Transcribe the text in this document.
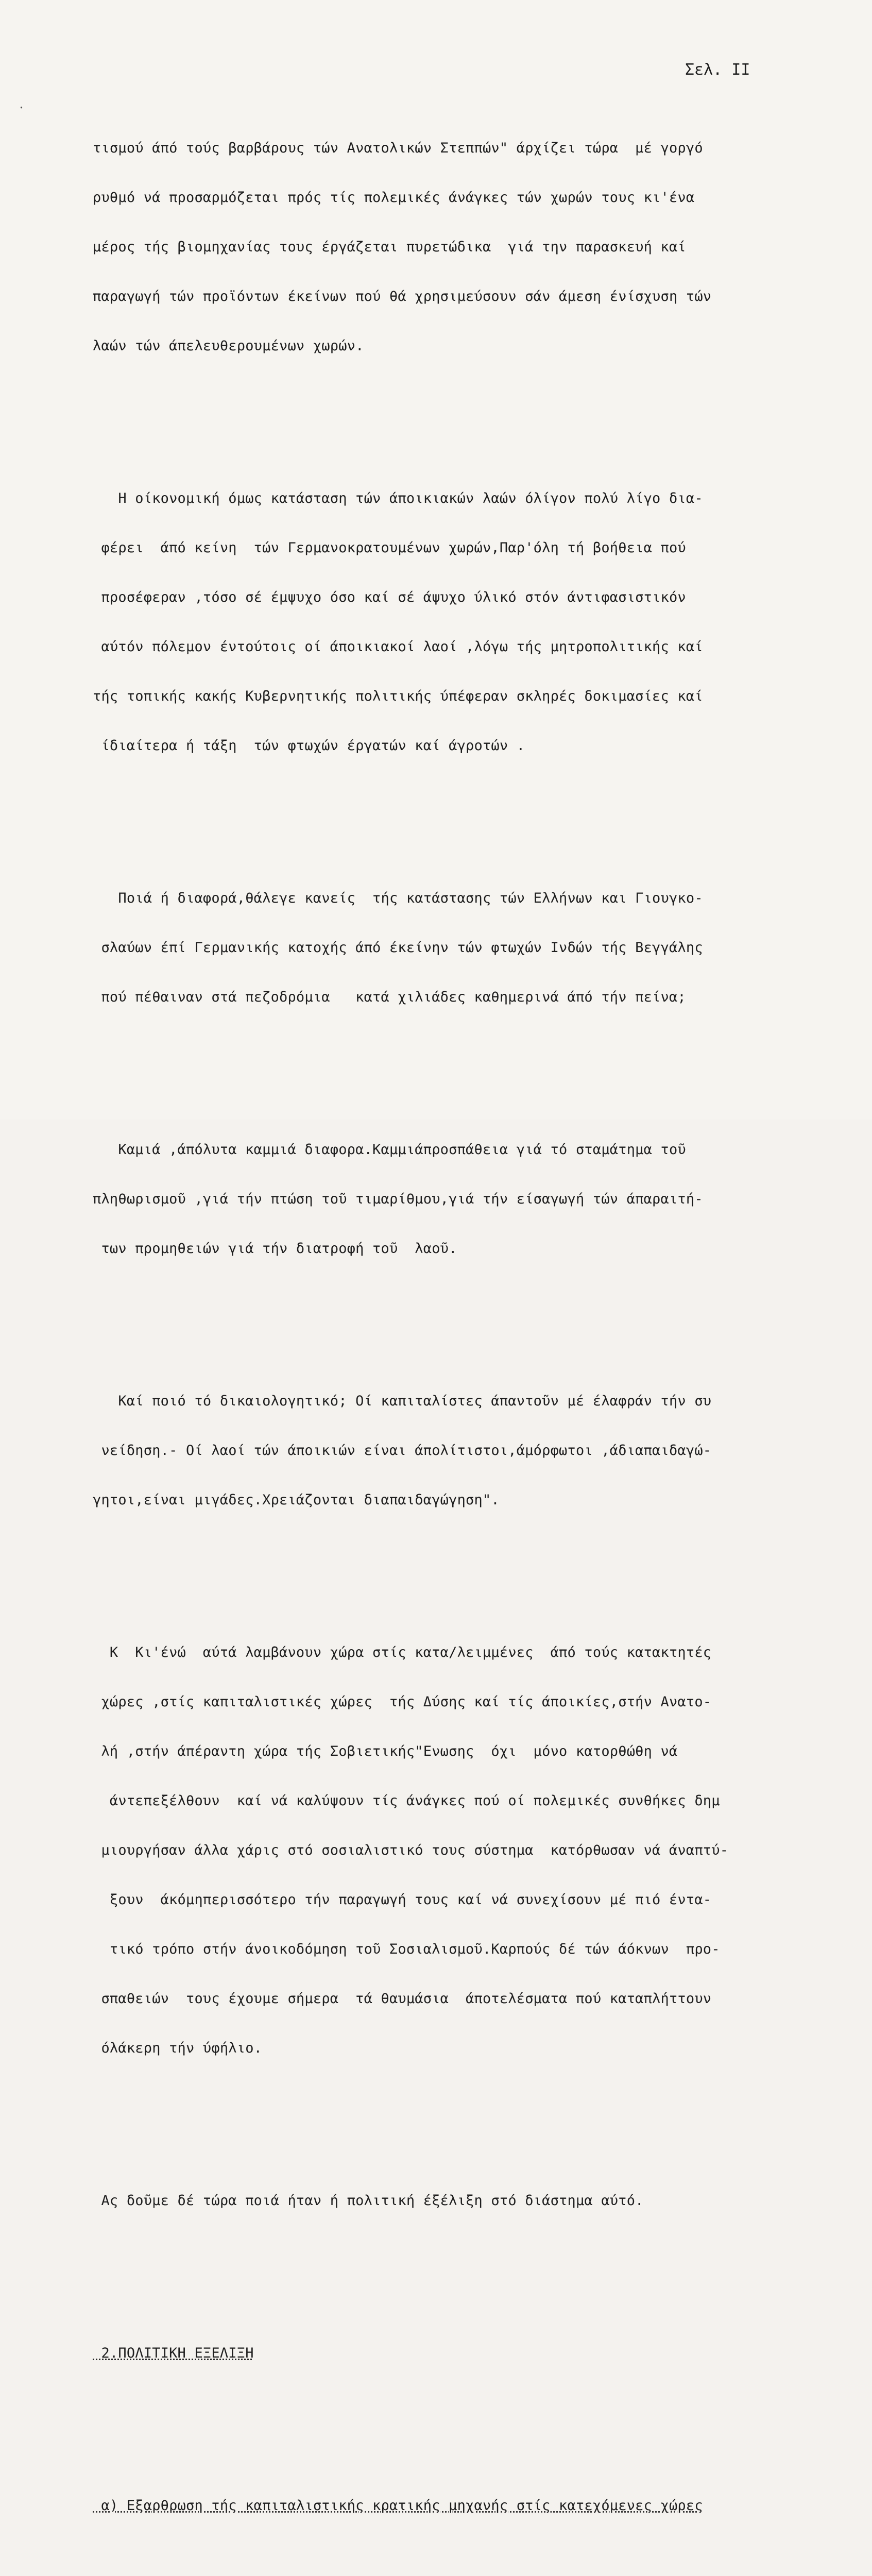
Σελ. ΙΙ
⸱

τισμού άπό τούς βαρβάρους τών Ανατολικών Στεππών" άρχίζει τώρα  μέ γοργό

ρυθμό νά προσαρμόζεται πρός τίς πολεμικές άνάγκες τών χωρών τους κι'ένα

μέρος τής βιομηχανίας τους έργάζεται πυρετώδικα  γιά την παρασκευή καί

παραγωγή τών προϊόντων έκείνων πού θά χρησιμεύσουν σάν άμεση ένίσχυση τών

λαών τών άπελευθερουμένων χωρών.

Η οίκονομική όμως κατάσταση τών άποικιακών λαών όλίγον πολύ λίγο δια-

φέρει  άπό κείνη  τών Γερμανοκρατουμένων χωρών,Παρ'όλη τή βοήθεια πού

προσέφεραν ,τόσο σέ έμψυχο όσο καί σέ άψυχο ύλικό στόν άντιφασιστικόν

αύτόν πόλεμον έντούτοις οί άποικιακοί λαοί ,λόγω τής μητροπολιτικής καί

τής τοπικής κακής Κυβερνητικής πολιτικής ύπέφεραν σκληρές δοκιμασίες καί

ίδιαίτερα ή τάξη  τών φτωχών έργατών καί άγροτών .

Ποιά ή διαφορά,θάλεγε κανείς  τής κατάστασης τών Ελλήνων και Γιουγκο-

σλαύων έπί Γερμανικής κατοχής άπό έκείνην τών φτωχών Ινδών τής Βεγγάλης

πού πέθαιναν στά πεζοδρόμια   κατά χιλιάδες καθημερινά άπό τήν πείνα;

Καμιά ,άπόλυτα καμμιά διαφορα.Καμμιάπροσπάθεια γιά τό σταμάτημα τοῦ

πληθωρισμοῦ ,γιά τήν πτώση τοῦ τιμαρίθμου,γιά τήν είσαγωγή τών άπαραιτή-

των προμηθειών γιά τήν διατροφή τοῦ  λαοῦ.

Καί ποιό τό δικαιολογητικό; Οί καπιταλίστες άπαντοῦν μέ έλαφράν τήν συ

νείδηση.- Οί λαοί τών άποικιών είναι άπολίτιστοι,άμόρφωτοι ,άδιαπαιδαγώ-

γητοι,είναι μιγάδες.Χρειάζονται διαπαιδαγώγηση".

Κ  Κι'ένώ  αύτά λαμβάνουν χώρα στίς κατα/λειμμένες  άπό τούς κατακτητές

χώρες ,στίς καπιταλιστικές χώρες  τής Δύσης καί τίς άποικίες,στήν Ανατο-

λή ,στήν άπέραντη χώρα τής Σοβιετικής"Ενωσης  όχι  μόνο κατορθώθη νά

άντεπεξέλθουν  καί νά καλύψουν τίς άνάγκες πού οί πολεμικές συνθήκες δημ

μιουργήσαν άλλα χάρις στό σοσιαλιστικό τους σύστημα  κατόρθωσαν νά άναπτύ-

ξουν  άκόμηπερισσότερο τήν παραγωγή τους καί νά συνεχίσουν μέ πιό έντα-

τικό τρόπο στήν άνοικοδόμηση τοῦ Σοσιαλισμοῦ.Καρπούς δέ τών άόκνων  προ-

σπαθειών  τους έχουμε σήμερα  τά θαυμάσια  άποτελέσματα πού καταπλήττουν

όλάκερη τήν ύφήλιο.

Ας δοῦμε δέ τώρα ποιά ήταν ή πολιτική έξέλιξη στό διάστημα αύτό.

2.ΠΟΛΙΤΙΚΗ ΕΞΕΛΙΞΗ

α) Εξαρθρωση τής καπιταλιστικής κρατικής μηχανής στίς κατεχόμενες χώρες
